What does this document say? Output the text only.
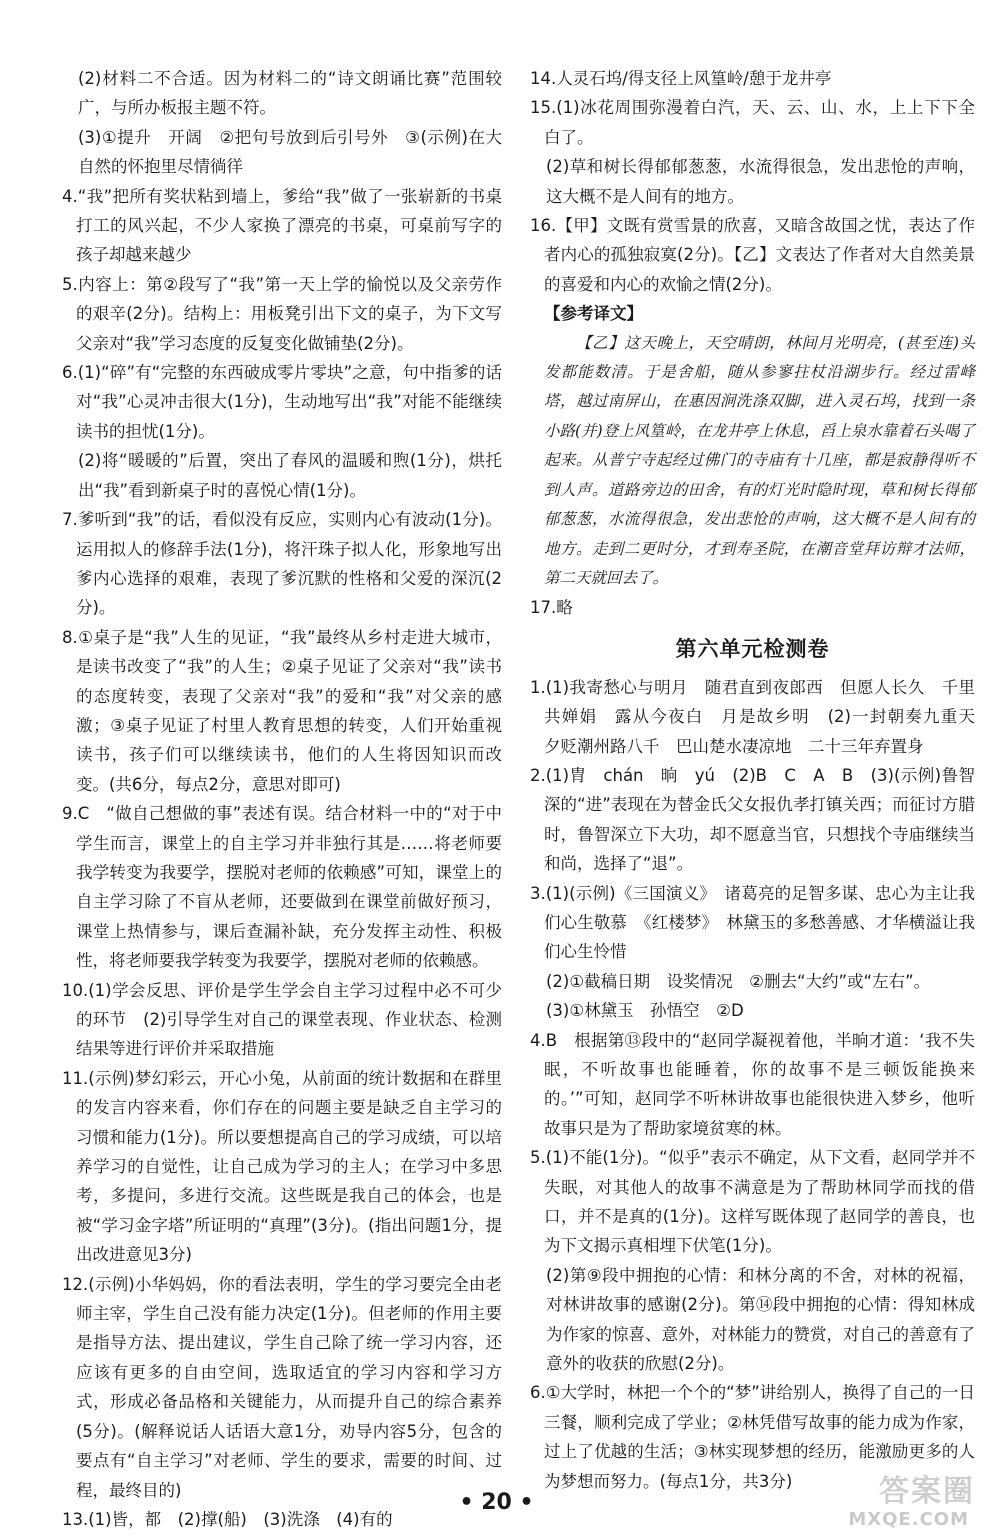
(2)材料二不合适。因为材料二的“诗文朗诵比赛”范围较广，与所办板报主题不符。

(3)①提升　开阔　②把句号放到后引号外　③(示例)在大自然的怀抱里尽情徜徉

4.“我”把所有奖状粘到墙上，爹给“我”做了一张崭新的书桌　打工的风兴起，不少人家换了漂亮的书桌，可桌前写字的孩子却越来越少

5.内容上：第②段写了“我”第一天上学的愉悦以及父亲劳作的艰辛(2分)。结构上：用板凳引出下文的桌子，为下文写父亲对“我”学习态度的反复变化做铺垫(2分)。

6.(1)“碎”有“完整的东西破成零片零块”之意，句中指爹的话对“我”心灵冲击很大(1分)，生动地写出“我”对能不能继续读书的担忧(1分)。

(2)将“暖暖的”后置，突出了春风的温暖和煦(1分)，烘托出“我”看到新桌子时的喜悦心情(1分)。

7.爹听到“我”的话，看似没有反应，实则内心有波动(1分)。运用拟人的修辞手法(1分)，将汗珠子拟人化，形象地写出爹内心选择的艰难，表现了爹沉默的性格和父爱的深沉(2分)。

8.①桌子是“我”人生的见证，“我”最终从乡村走进大城市，是读书改变了“我”的人生；②桌子见证了父亲对“我”读书的态度转变，表现了父亲对“我”的爱和“我”对父亲的感激；③桌子见证了村里人教育思想的转变，人们开始重视读书，孩子们可以继续读书，他们的人生将因知识而改变。(共6分，每点2分，意思对即可)

9.C　“做自己想做的事”表述有误。结合材料一中的“对于中学生而言，课堂上的自主学习并非独行其是……将老师要我学转变为我要学，摆脱对老师的依赖感”可知，课堂上的自主学习除了不盲从老师，还要做到在课堂前做好预习，课堂上热情参与，课后查漏补缺，充分发挥主动性、积极性，将老师要我学转变为我要学，摆脱对老师的依赖感。

10.(1)学会反思、评价是学生学会自主学习过程中必不可少的环节　(2)引导学生对自己的课堂表现、作业状态、检测结果等进行评价并采取措施

11.(示例)梦幻彩云，开心小兔，从前面的统计数据和在群里的发言内容来看，你们存在的问题主要是缺乏自主学习的习惯和能力(1分)。所以要想提高自己的学习成绩，可以培养学习的自觉性，让自己成为学习的主人；在学习中多思考，多提问，多进行交流。这些既是我自己的体会，也是被“学习金字塔”所证明的“真理”(3分)。(指出问题1分，提出改进意见3分)

12.(示例)小华妈妈，你的看法表明，学生的学习要完全由老师主宰，学生自己没有能力决定(1分)。但老师的作用主要是指导方法、提出建议，学生自己除了统一学习内容，还应该有更多的自由空间，选取适宜的学习内容和学习方式，形成必备品格和关键能力，从而提升自己的综合素养(5分)。(解释说话人话语大意1分，劝导内容5分，包含的要点有“自主学习”对老师、学生的要求，需要的时间、过程，最终目的)

13.(1)皆，都　(2)撑(船)　(3)洗涤　(4)有的

14.人灵石坞/得支径上风篁岭/憩于龙井亭

15.(1)冰花周围弥漫着白汽，天、云、山、水，上上下下全白了。

(2)草和树长得郁郁葱葱，水流得很急，发出悲怆的声响，这大概不是人间有的地方。

16.【甲】文既有赏雪景的欣喜，又暗含故国之忧，表达了作者内心的孤独寂寞(2分)。【乙】文表达了作者对大自然美景的喜爱和内心的欢愉之情(2分)。

【参考译文】

【乙】这天晚上，天空晴朗，林间月光明亮，(甚至连)头发都能数清。于是舍船，随从参寥拄杖沿湖步行。经过雷峰塔，越过南屏山，在惠因涧洗涤双脚，进入灵石坞，找到一条小路(并)登上风篁岭，在龙井亭上休息，舀上泉水靠着石头喝了起来。从普宁寺起经过佛门的寺庙有十几座，都是寂静得听不到人声。道路旁边的田舍，有的灯光时隐时现，草和树长得郁郁葱葱，水流得很急，发出悲怆的声响，这大概不是人间有的地方。走到二更时分，才到寿圣院，在潮音堂拜访辩才法师，第二天就回去了。

17.略

第六单元检测卷

1.(1)我寄愁心与明月　随君直到夜郎西　但愿人长久　千里共婵娟　露从今夜白　月是故乡明　(2)一封朝奏九重天　夕贬潮州路八千　巴山楚水凄凉地　二十三年弃置身

2.(1)胄　chán　晌　yú　(2)B　C　A　B　(3)(示例)鲁智深的“进”表现在为替金氏父女报仇孝打镇关西；而征讨方腊时，鲁智深立下大功，却不愿意当官，只想找个寺庙继续当和尚，选择了“退”。

3.(1)(示例)《三国演义》　诸葛亮的足智多谋、忠心为主让我们心生敬慕　《红楼梦》　林黛玉的多愁善感、才华横溢让我们心生怜惜

(2)①截稿日期　设奖情况　②删去“大约”或“左右”。

(3)①林黛玉　孙悟空　②D

4.B　根据第⑬段中的“赵同学凝视着他，半晌才道：‘我不失眠，不听故事也能睡着，你的故事不是三顿饭能换来的。’”可知，赵同学不听林讲故事也能很快进入梦乡，他听故事只是为了帮助家境贫寒的林。

5.(1)不能(1分)。“似乎”表示不确定，从下文看，赵同学并不失眠，对其他人的故事不满意是为了帮助林同学而找的借口，并不是真的(1分)。这样写既体现了赵同学的善良，也为下文揭示真相埋下伏笔(1分)。

(2)第⑨段中拥抱的心情：和林分离的不舍，对林的祝福，对林讲故事的感谢(2分)。第⑭段中拥抱的心情：得知林成为作家的惊喜、意外，对林能力的赞赏，对自己的善意有了意外的收获的欣慰(2分)。

6.①大学时，林把一个个的“梦”讲给别人，换得了自己的一日三餐，顺利完成了学业；②林凭借写故事的能力成为作家，过上了优越的生活；③林实现梦想的经历，能激励更多的人为梦想而努力。(每点1分，共3分)

• 20 •	答案圈
MXQE.COM
